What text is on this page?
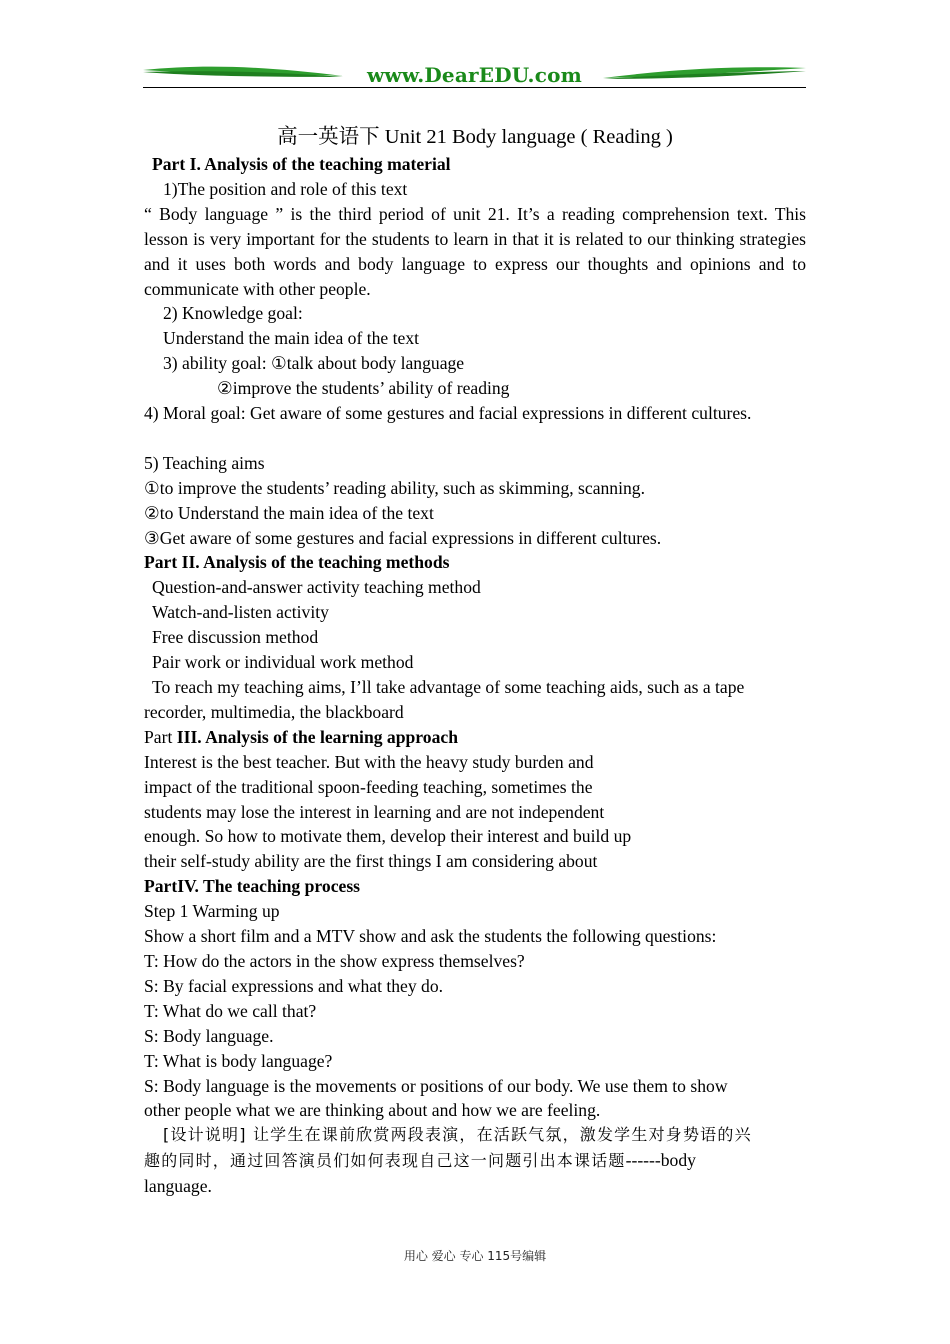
www.DearEDU.com
高一英语下 Unit 21 Body language ( Reading )
Part I. Analysis of the teaching material
1)The position and role of this text
“ Body language ” is the third period of unit 21. It’s a reading comprehension text. This lesson is very important for the students to learn in that it is related to our thinking strategies and it uses both words and body language to express our thoughts and opinions and to communicate with other people.
2) Knowledge goal:
Understand the main idea of the text
3) ability goal: ①talk about body language
②improve the students’ ability of reading
4) Moral goal: Get aware of some gestures and facial expressions in different cultures.
5) Teaching aims
①to improve the students’ reading ability, such as skimming, scanning.
②to Understand the main idea of the text
③Get aware of some gestures and facial expressions in different cultures.
Part II. Analysis of the teaching methods
Question-and-answer activity teaching method
Watch-and-listen activity
Free discussion method
Pair work or individual work method
To reach my teaching aims, I’ll take advantage of some teaching aids, such as a tape
recorder, multimedia, the blackboard
Part III. Analysis of the learning approach
Interest is the best teacher. But with the heavy study burden and
impact of the traditional spoon-feeding teaching, sometimes the
students may lose the interest in learning and are not independent
enough. So how to motivate them, develop their interest and build up
their self-study ability are the first things I am considering about
PartIV. The teaching process
Step 1 Warming up
Show a short film and a MTV show and ask the students the following questions:
T: How do the actors in the show express themselves?
S: By facial expressions and what they do.
T: What do we call that?
S: Body language.
T: What is body language?
S: Body language is the movements or positions of our body. We use them to show
other people what we are thinking about and how we are feeling.
[设计说明] 让学生在课前欣赏两段表演，在活跃气氛，激发学生对身势语的兴
趣的同时，通过回答演员们如何表现自己这一问题引出本课话题------body
language.
用心 爱心 专心 115号编辑
